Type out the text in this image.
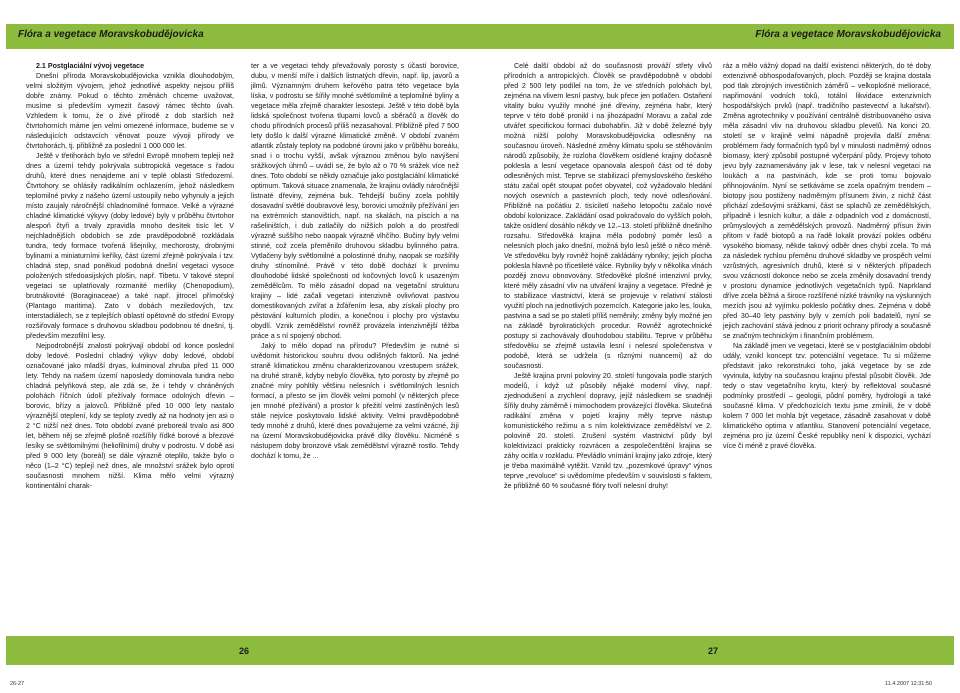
Flóra a vegetace Moravskobudějovicka
2.1 Postglaciální vývoj vegetace

Dnešní příroda Moravskobudějovicka vznikla dlouhodobým, velmi složitým vývojem, jehož jednotlivé aspekty nejsou příliš dobře známy. Pokud o těchto změnách chceme uvažovat, musíme si především vymezit časový rámec těchto úvah. Vzhledem k tomu, že o živé přírodě z dob starších než čtvrtohorních máme jen velmi omezené informace, budeme se v následujících odstavcích věnovat pouze vývoji přírody ve čtvrtohorách, tj. přibližně za poslední 1 000 000 let.

Ještě v třetihorách bylo ve střední Evropě mnohem tepleji než dnes a území tehdy pokrývala subtropická vegetace s řadou druhů, které dnes nenajdeme ani v teplé oblasti Středozemí. Čtvrtohory se ohlásily radikálním ochlazením, jehož následkem teplomilné prvky z našeho území ustoupily nebo vyhynuly a jejich místo zaujaly náročnější chladnomilné formace. Velké a výrazné chladné klimatické výkyvy (doby ledové) byly v průběhu čtvrtohor alespoň čtyři a trvaly zpravidla mnoho desítek tisíc let. V nejchladnějších obdobích se zde pravděpodobně rozkládala tundra, tedy formace tvořená lišejníky, mechorosty, drobnými bylinami a miniaturními keříky, část území zřejmě pokrývala i tzv. chladná step, snad poněkud podobná dnešní vegetaci vysoce položených středoasijských plošin, např. Tibetu. V takové stepní vegetaci se uplatňovaly rozmanité merlíky (Chenopodium), brutnákovité (Boraginaceae) a také např. jitrocel přímořský (Plantago maritima). Zato v dobách meziledových, tzv. interstadiálech, se z teplejších oblastí opětovně do střední Evropy rozšiřovaly formace s druhovou skladbou podobnou té dnešní, tj. především mezofilní lesy.

Nejpodrobnější znalosti pokrývají období od konce poslední doby ledové. Poslední chladný výkyv doby ledové, období označované jako mladší dryas, kulminoval zhruba před 11 000 lety. Tehdy na našem území naposledy dominovala tundra nebo chladná pelyňková step, ale zdá se, že i tehdy v chráněných polohách říčních údolí přežívaly formace odolných dřevin – borovic, břízy a jalovců. Přibližně před 10 000 lety nastalo výraznější oteplení, kdy se teploty zvedly až na hodnoty jen asi o 2 °C nižší než dnes. Toto období zvané preboreál trvalo asi 800 let, během něj se zřejmě plošně rozšířily řídké borové a březové lesíky se světlomilnými (heliofilními) druhy v podrostu. V době asi před 9 000 lety (boreál) se dále výrazně oteplilo, takže bylo o něco (1–2 °C) teplejí než dnes, ale množství srážek bylo oproti současnosti mnohem nižší. Klima mělo velmi výrazný kontinentální charak-

ter a ve vegetaci tehdy převažovaly porosty s účastí borovice, dubu, v menší míře i dalších listnatých dřevin, např. lip, javorů a jilmů. Významným druhem keřového patra této vegetace byla líska, v podrostu se šířily mnohé světlomilné a teplomilné byliny a vegetace měla zřejmě charakter lesostepi. Ještě v této době byla lidská společnost tvořena tlupami lovců a sběračů a člověk do chodu přírodních procesů příliš nezasahoval. Přibližně před 7 500 lety došlo k další výrazné klimatické změně. V období zvaném atlantik zůstaly teploty na podobné úrovni jako v průběhu boreálu, snad i o trochu vyšší, avšak výraznou změnou bylo navýšení srážkových úhrnů – uvádí se, že bylo až o 70 % srážek více než dnes. Toto období se někdy označuje jako postglaciální klimatické optimum. Taková situace znamenala, že krajinu ovládly náročnější listnaté dřeviny, zejména buk. Tehdejší bučiny zcela pohltily dosavadní světlé doubravové lesy, borovici umožnily přežívání jen na extrémních stanovištích, např. na skalách, na píscích a na rašeliništích, i dub zatlačily do nižších poloh a do prostředí výrazně suššího nebo naopak výrazně vlhčího. Bučiny byly velmi stinné, což zcela přeměnilo druhovou skladbu bylinného patra. Vytlačeny byly světlomilné a polostinné druhy, naopak se rozšířily druhy stínomilné. Právě v této době dochází k prvnímu dlouhodobé lidské společnosti od kočovných lovců k usazeným zemědělcům. To mělo zásadní dopad na vegetační strukturu krajiny – lidé začali vegetaci intenzivně ovlivňovat pastvou domestikovaných zvířat a žďářením lesa, aby získali plochy pro pěstování kulturních plodin, a konečnou i plochy pro výstavbu obydlí. Vznik zemědělství rovněž provázela intenzivnější těžba práce a s ní spojený obchod.

Jaký to mělo dopad na přírodu? Především je nutné si uvědomit historickou souhru dvou odlišných faktorů. Na jedné straně klimatickou změnu charakterizovanou vzestupem srážek, na druhé straně, kdyby nebylo člověka, tyto porosty by zřejmě po značné míry pohltily většinu nelesních i světlomilných lesních formací, a přesto se jim člověk velmi pomohl (v některých přece jen mnohé přežívání) a prostor k přežití velmi zastíněných lesů stále nejvíce poskytovalo lidské aktivity. Velmi pravděpodobně tedy mnohé z druhů, které dnes považujeme za velmi vzácné, žijí na území Moravskobudějovicka právě díky člověku. Nicméně s nástupem doby bronzové však zemědělství výrazně rostlo. Tehdy dochází k tomu, že ...

26
26-27
Flóra a vegetace Moravskobudějovicka

Celé další období až do současnosti prováží střety vlivů přírodních a antropických. Člověk se pravděpodobně v období před 2 500 lety podílel na tom, že ve středních polohách byl, zejména na vlivem lesní pastvy, buk přece jen potlačen. Ostaňení vitality buku využily mnohé jiné dřeviny, zejména habr, který teprve v této době pronikl i na jihozápadní Moravu a začal zde utvářet specifickou formaci dubohabřin. Již v době železné byly možná nižší polohy Moravskobudějovicka odlesněny na současnou úroveň. Následné změny klimatu spolu se stěhováním národů způsobily, že rozloha člověkem osídlené krajiny dočasně poklesla a lesní vegetace opanovala alespoň část od té doby odlesněných míst. Teprve se stabilizací přemyslovského českého státu začal opět stoupat počet obyvatel, což vyžadovalo hledání nových osevních a pastevních ploch, tedy nové odlesňování. Přibližně na počátku 2. tisíciletí našeho letopočtu začalo nové období kolonizace. Zakládání osad pokračovalo do vyšších poloh, takže osídlení dosáhlo někdy ve 12.–13. století přibližně dnešního rozsahu. Středověká krajina měla podobný poměr lesů a nelesních ploch jako dnešní, možná bylo lesů ještě o něco méně. Ve středověku byly rovněž hojně zakládány rybníky; jejich plocha poklesla hlavně po třicetileté válce. Rybníky byly v několika vlnách později znovu obnovovány. Středověké plošné intenzivní prvky, které měly zásadní vliv na utváření krajiny a vegetace. Předně je to stabilizace vlastnictví, která se projevuje v relativní stálosti využití ploch na jednotlivých pozemcích. Kategorie jako les, louka, pastvina a sad se po staletí příliš neměnily; změny byly možné jen na základě byrokratických procedur. Rovněž agrotechnické postupy si zachovávaly dlouhodobou stabilitu. Teprve v průběhu středověku se zřejmě ustavila lesní i nelesní společenstva v podobě, která se udržela (s různými nuancemi) až do současnosti.

Ještě krajina první poloviny 20. století fungovala podle starých modelů, i když už působily nějaké moderní vlivy, např. zjednodušení a zrychlení dopravy, jejíž následkem se snadněji šířily druhy záměrně i mimochodem provázející člověka. Skutečná radikální změna v pojetí krajiny měly teprve nástup komunistického režimu a s ním kolektivizace zemědělství ve 2. polovině 20. století. Zrušení systém vlastnictví půdy byl kolektivizací prakticky rozvrácen a zespolečenštění krajina se záhy ocitla v rozkladu. Převládlo vnímání krajiny jako zdroje, který je třeba maximálně vytěžit. Vznikl tzv. „pozemkové úpravy“ výnos teprve „revoluce“ si uvědomíme především v souvislosti s faktem, že přibližně 60 % současné flóry tvoří nelesní druhy!

ráz a mělo vážný dopad na další existenci některých, do té doby extenzivně obhospodařovaných, ploch. Později se krajina dostala pod tlak zbrojných investičních záměrů – velkoplošné melioracé, napřimování vodních toků, totální likvidace extenzivních hospodářských prvků (např. tradičního pastevectví a lukařství). Změna agrotechniky v používání centrálně distribuovaného osiva měla zásadní vliv na druhovou skladbu plevelů. Na konci 20. století se v krajině velmi nápadně projevila další změna: problémem řady formačních typů byl v minulosti nadměrný odnos biomasy, který způsobil postupné vyčerpání půdy. Projevy tohoto jevu byly zaznamenávány jak v lese, tak v nelesní vegetaci na loukách a na pastvinách, kde se proti tomu bojovalo přihnojováním. Nyní se setkáváme se zcela opačným trendem – biotopy jsou postiženy nadměrným přísunem živin, z nichž část přichází zdešovými srážkami, část se splachů ze zemědělských, případně i lesních kultur, a dále z odpadních vod z domácností, průmyslových a zemědělských provozů. Nadměrný přísun živin přitom v řadě biotopů a na řadě lokalit provází pokles odběru vysokého biomasy, někde takový odběr dnes chybí zcela. To má za následek rychlou přeměnu druhové skladby ve prospěch velmi vzrůstných, agresivních druhů, které si v některých případech svou vzácností dokonce nebo se zcela změnily dosavadní trendy v prostoru dynamice jednotlivých vegetačních typů. Naprkland dříve zcela běžná a široce rozšířené nízké trávníky na výslunných mezích jsou až vyjímku pokleslo počátky dnes. Zejména v době před 30–40 lety pastviny byly v zemích poli badatelů, nyní se jejich zachování stává jednou z priorit ochrany přírody a současně se značným technickým i finančním problémem.

Na základě jmen ve vegetaci, které se v postglaciálním období udály, vznikl koncept tzv. potenciální vegetace. Tu si můžeme představit jako rekonstrukci toho, jaká vegetace by se zde vyvinula, kdyby na současnou krajinu přestal působit člověk. Jde tedy o stav vegetačního krytu, který by reflektoval současné podmínky prostředí – geologii, půdní poměry, hydrologii a také současné klima. V předchozících textu jsme zmínili, že v době kolem 7 000 let mohla být vegetace, zásadně zasahovat v době klimatického optima v atlantiku. Stanovení potenciální vegetace, zejména pro jiz území České republiky není k dispozici, vychází více či méně z pravé člověka.

27
11.4.2007 12:31:50
